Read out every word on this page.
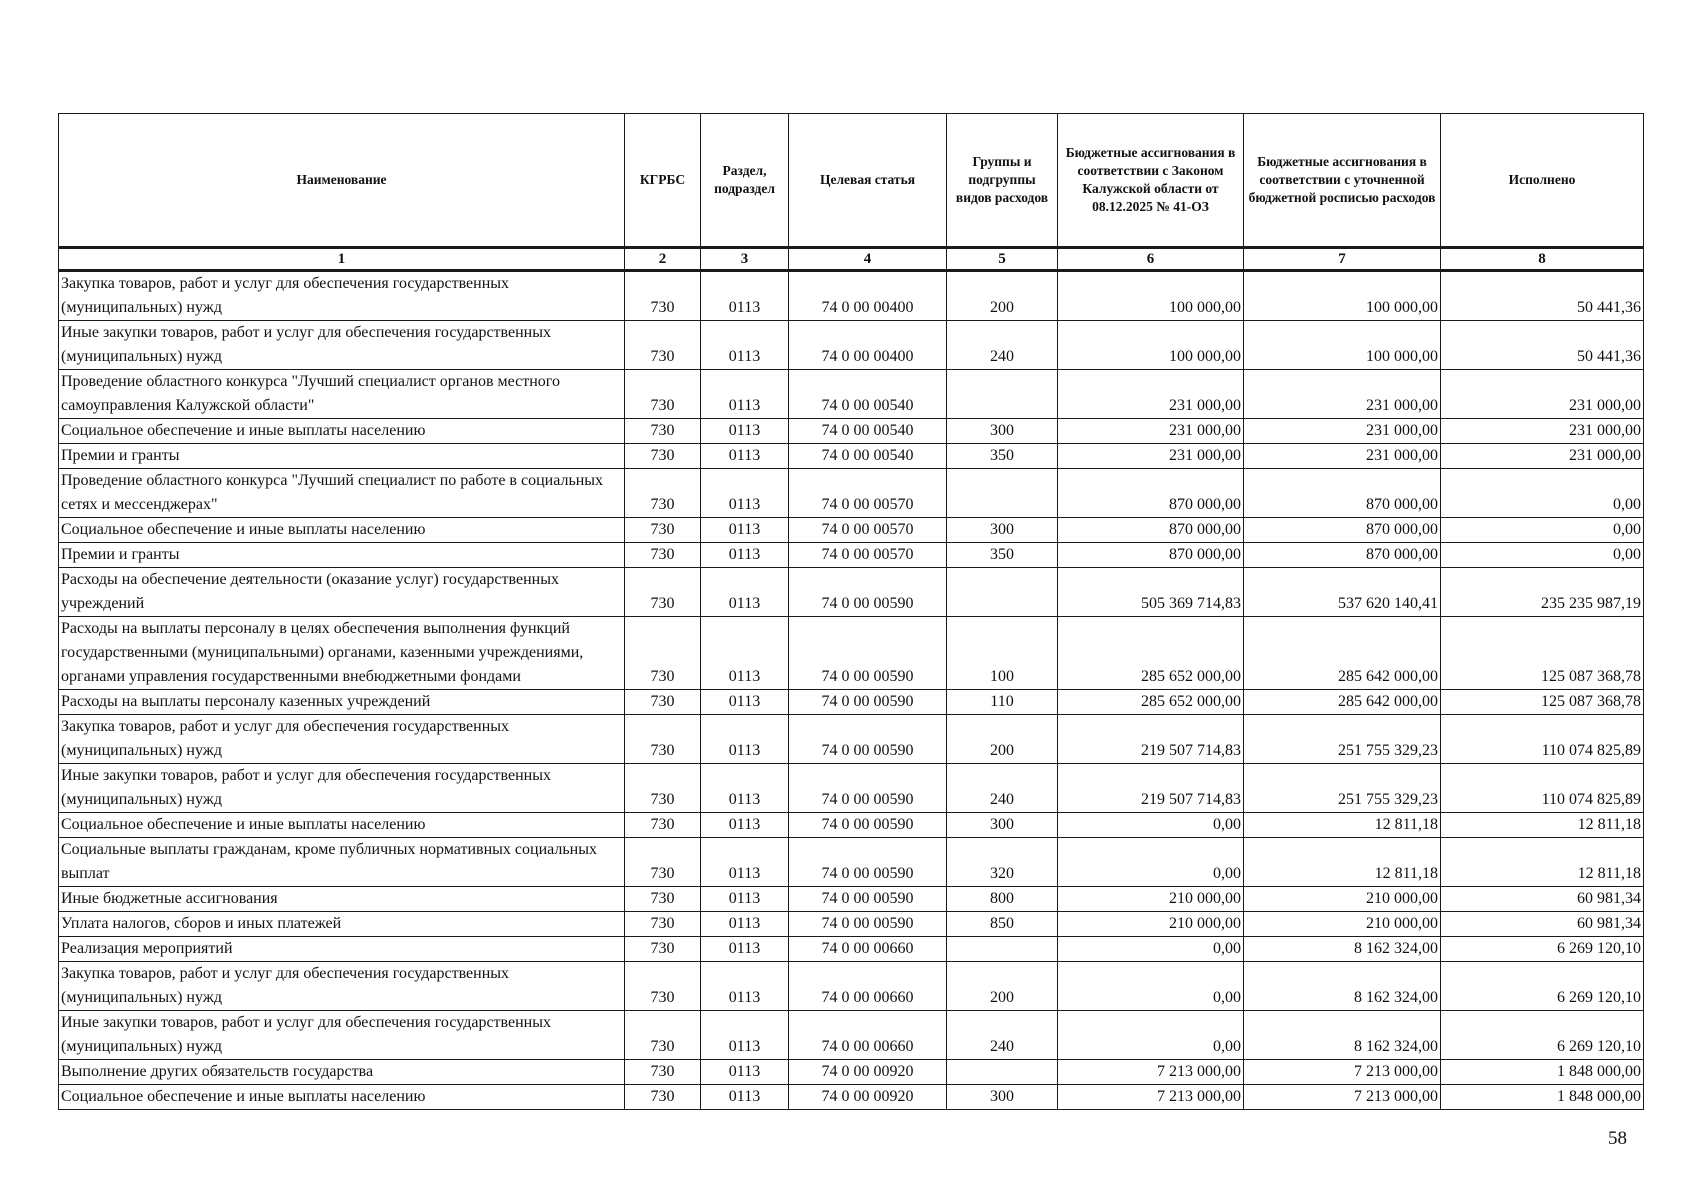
Наименование	КГРБС	Раздел, подраздел	Целевая статья	Группы и подгруппы видов расходов	Бюджетные ассигнования в соответствии с Законом Калужской области от 08.12.2025 № 41-ОЗ	Бюджетные ассигнования в соответствии с уточненной бюджетной росписью расходов	Исполнено
1	2	3	4	5	6	7	8
Закупка товаров, работ и услуг для обеспечения государственных (муниципальных) нужд	730	0113	74 0 00 00400	200	100 000,00	100 000,00	50 441,36
Иные закупки товаров, работ и услуг для обеспечения государственных (муниципальных) нужд	730	0113	74 0 00 00400	240	100 000,00	100 000,00	50 441,36
Проведение областного конкурса "Лучший специалист органов местного самоуправления Калужской области"	730	0113	74 0 00 00540		231 000,00	231 000,00	231 000,00
Социальное обеспечение и иные выплаты населению	730	0113	74 0 00 00540	300	231 000,00	231 000,00	231 000,00
Премии и гранты	730	0113	74 0 00 00540	350	231 000,00	231 000,00	231 000,00
Проведение областного конкурса "Лучший специалист по работе в социальных сетях и мессенджерах"	730	0113	74 0 00 00570		870 000,00	870 000,00	0,00
Социальное обеспечение и иные выплаты населению	730	0113	74 0 00 00570	300	870 000,00	870 000,00	0,00
Премии и гранты	730	0113	74 0 00 00570	350	870 000,00	870 000,00	0,00
Расходы на обеспечение деятельности (оказание услуг) государственных учреждений	730	0113	74 0 00 00590		505 369 714,83	537 620 140,41	235 235 987,19
Расходы на выплаты персоналу в целях обеспечения выполнения функций государственными (муниципальными) органами, казенными учреждениями, органами управления государственными внебюджетными фондами	730	0113	74 0 00 00590	100	285 652 000,00	285 642 000,00	125 087 368,78
Расходы на выплаты персоналу казенных учреждений	730	0113	74 0 00 00590	110	285 652 000,00	285 642 000,00	125 087 368,78
Закупка товаров, работ и услуг для обеспечения государственных (муниципальных) нужд	730	0113	74 0 00 00590	200	219 507 714,83	251 755 329,23	110 074 825,89
Иные закупки товаров, работ и услуг для обеспечения государственных (муниципальных) нужд	730	0113	74 0 00 00590	240	219 507 714,83	251 755 329,23	110 074 825,89
Социальное обеспечение и иные выплаты населению	730	0113	74 0 00 00590	300	0,00	12 811,18	12 811,18
Социальные выплаты гражданам, кроме публичных нормативных социальных выплат	730	0113	74 0 00 00590	320	0,00	12 811,18	12 811,18
Иные бюджетные ассигнования	730	0113	74 0 00 00590	800	210 000,00	210 000,00	60 981,34
Уплата налогов, сборов и иных платежей	730	0113	74 0 00 00590	850	210 000,00	210 000,00	60 981,34
Реализация мероприятий	730	0113	74 0 00 00660		0,00	8 162 324,00	6 269 120,10
Закупка товаров, работ и услуг для обеспечения государственных (муниципальных) нужд	730	0113	74 0 00 00660	200	0,00	8 162 324,00	6 269 120,10
Иные закупки товаров, работ и услуг для обеспечения государственных (муниципальных) нужд	730	0113	74 0 00 00660	240	0,00	8 162 324,00	6 269 120,10
Выполнение других обязательств государства	730	0113	74 0 00 00920		7 213 000,00	7 213 000,00	1 848 000,00
Социальное обеспечение и иные выплаты населению	730	0113	74 0 00 00920	300	7 213 000,00	7 213 000,00	1 848 000,00
58
